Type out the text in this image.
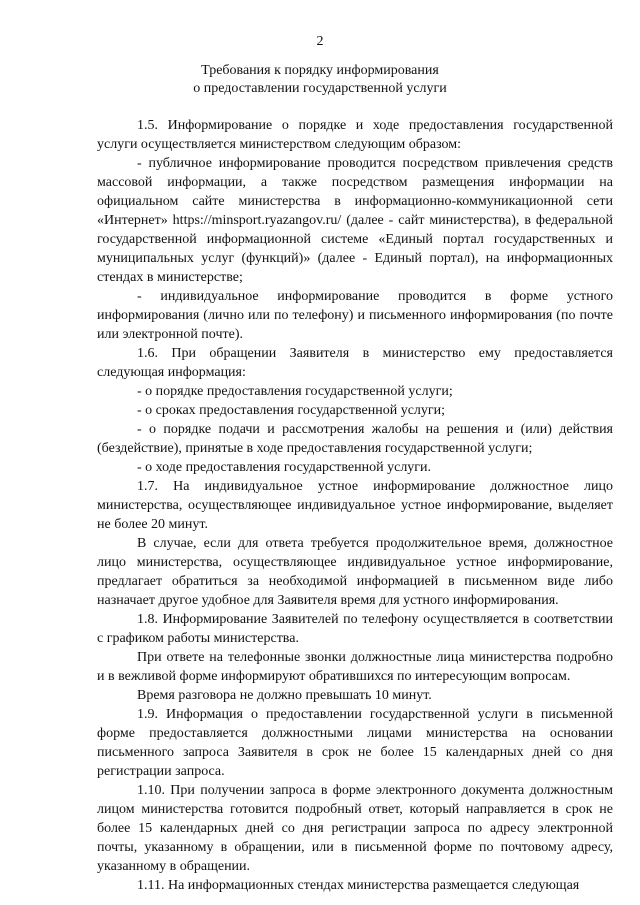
2
Требования к порядку информирования
о предоставлении государственной услуги

1.5. Информирование о порядке и ходе предоставления государственной услуги осуществляется министерством следующим образом:

- публичное информирование проводится посредством привлечения средств массовой информации, а также посредством размещения информации на официальном сайте министерства в информационно-коммуникационной сети «Интернет» https://minsport.ryazangov.ru/ (далее - сайт министерства), в федеральной государственной информационной системе «Единый портал государственных и муниципальных услуг (функций)» (далее - Единый портал), на информационных стендах в министерстве;

- индивидуальное информирование проводится в форме устного информирования (лично или по телефону) и письменного информирования (по почте или электронной почте).

1.6. При обращении Заявителя в министерство ему предоставляется следующая информация:

- о порядке предоставления государственной услуги;

- о сроках предоставления государственной услуги;

- о порядке подачи и рассмотрения жалобы на решения и (или) действия (бездействие), принятые в ходе предоставления государственной услуги;

- о ходе предоставления государственной услуги.

1.7. На индивидуальное устное информирование должностное лицо министерства, осуществляющее индивидуальное устное информирование, выделяет не более 20 минут.

В случае, если для ответа требуется продолжительное время, должностное лицо министерства, осуществляющее индивидуальное устное информирование, предлагает обратиться за необходимой информацией в письменном виде либо назначает другое удобное для Заявителя время для устного информирования.

1.8. Информирование Заявителей по телефону осуществляется в соответствии с графиком работы министерства.

При ответе на телефонные звонки должностные лица министерства подробно и в вежливой форме информируют обратившихся по интересующим вопросам.

Время разговора не должно превышать 10 минут.

1.9. Информация о предоставлении государственной услуги в письменной форме предоставляется должностными лицами министерства на основании письменного запроса Заявителя в срок не более 15 календарных дней со дня регистрации запроса.

1.10. При получении запроса в форме электронного документа должностным лицом министерства готовится подробный ответ, который направляется в срок не более 15 календарных дней со дня регистрации запроса по адресу электронной почты, указанному в обращении, или в письменной форме по почтовому адресу, указанному в обращении.

1.11. На информационных стендах министерства размещается следующая
